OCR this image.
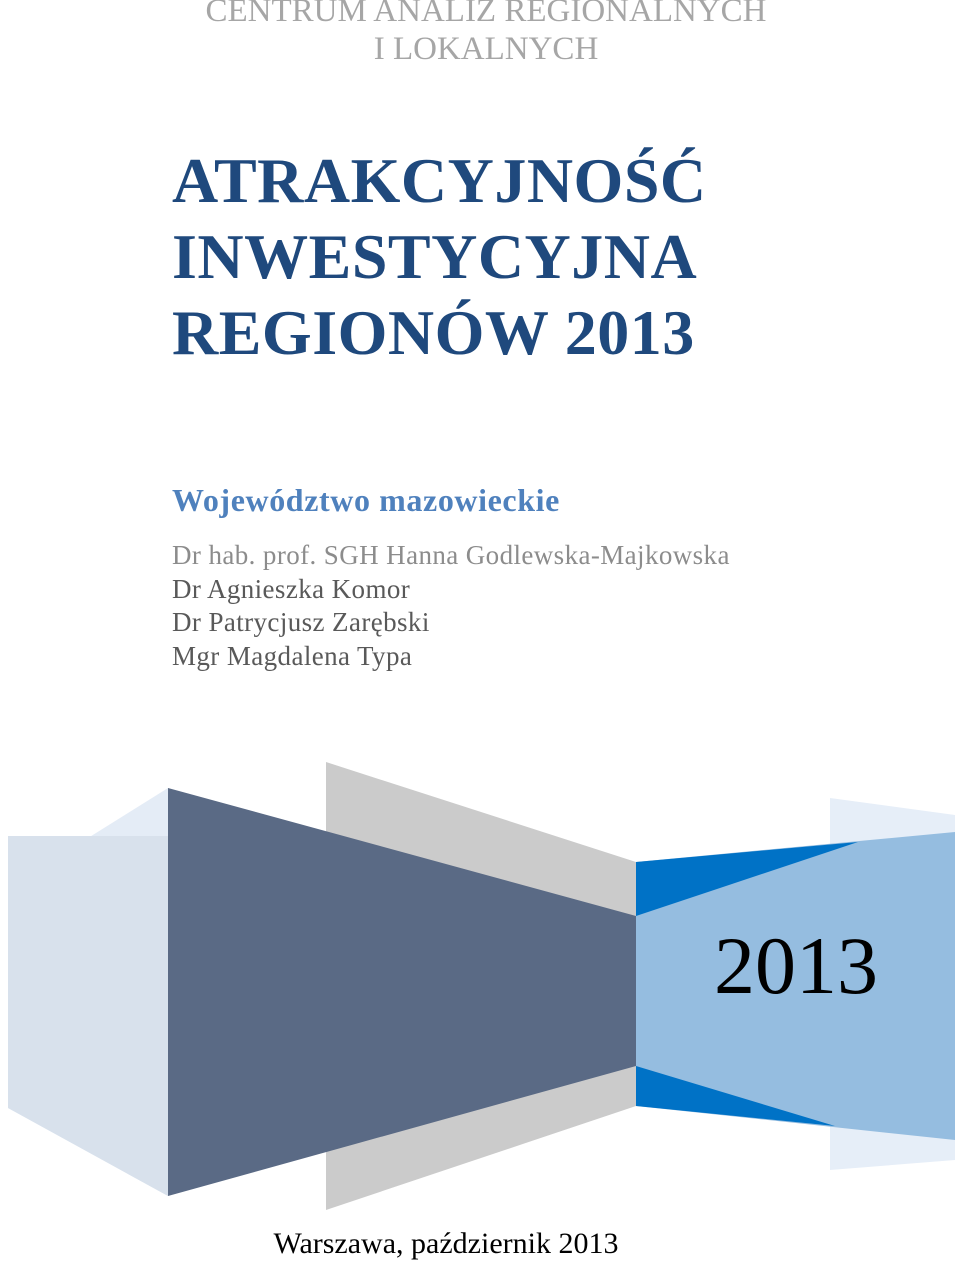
CENTRUM ANALIZ REGIONALNYCH
I LOKALNYCH
ATRAKCYJNOŚĆ
INWESTYCYJNA
REGIONÓW 2013
Województwo mazowieckie
Dr hab. prof. SGH Hanna Godlewska-Majkowska
Dr Agnieszka Komor
Dr Patrycjusz Zarębski
Mgr Magdalena Typa
2013
Warszawa, październik 2013
